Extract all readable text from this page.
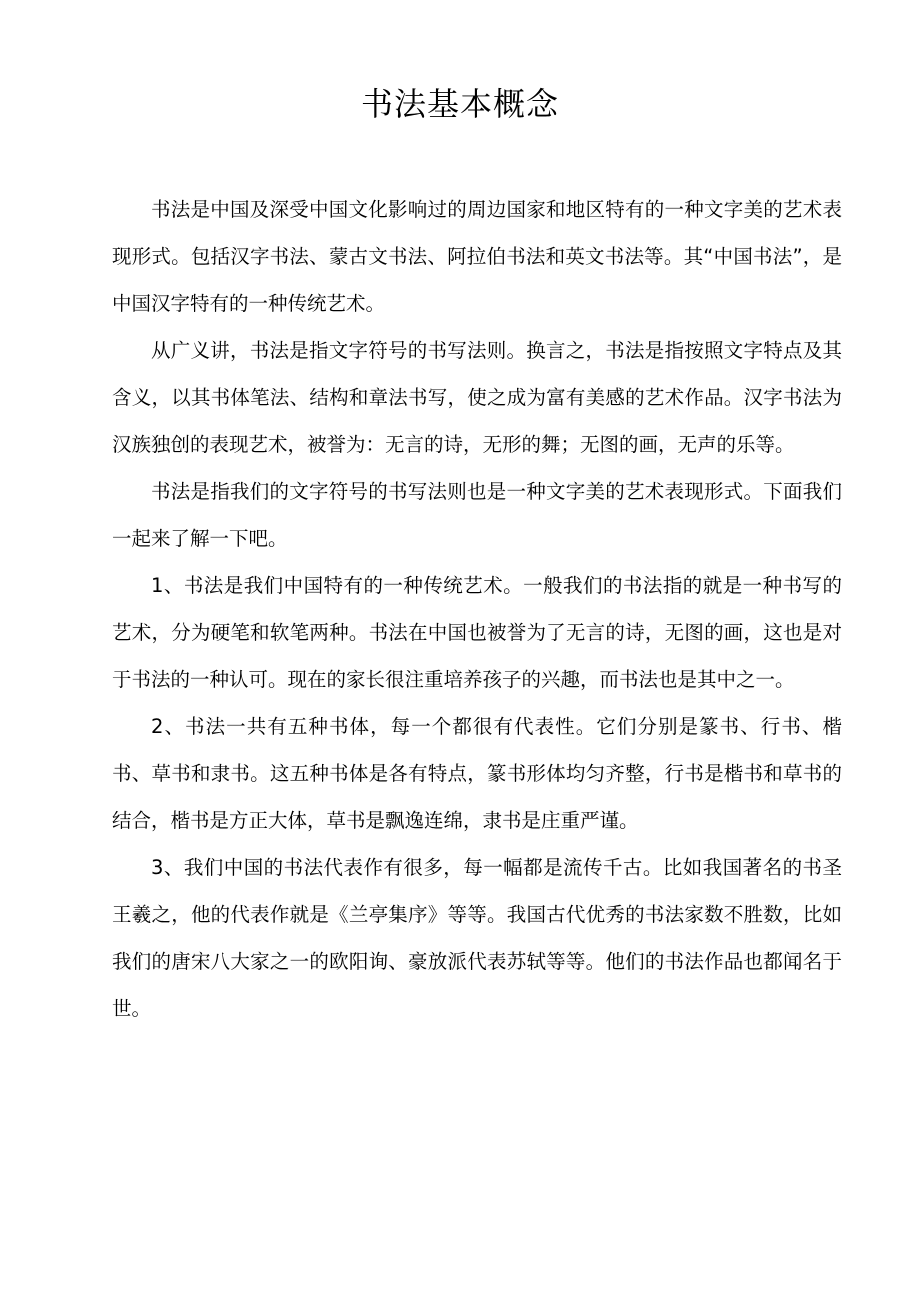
书法基本概念

书法是中国及深受中国文化影响过的周边国家和地区特有的一种文字美的艺术表现形式。包括汉字书法、蒙古文书法、阿拉伯书法和英文书法等。其“中国书法”，是中国汉字特有的一种传统艺术。

从广义讲，书法是指文字符号的书写法则。换言之，书法是指按照文字特点及其含义，以其书体笔法、结构和章法书写，使之成为富有美感的艺术作品。汉字书法为汉族独创的表现艺术，被誉为：无言的诗，无形的舞；无图的画，无声的乐等。

书法是指我们的文字符号的书写法则也是一种文字美的艺术表现形式。下面我们一起来了解一下吧。

1、书法是我们中国特有的一种传统艺术。一般我们的书法指的就是一种书写的艺术，分为硬笔和软笔两种。书法在中国也被誉为了无言的诗，无图的画，这也是对于书法的一种认可。现在的家长很注重培养孩子的兴趣，而书法也是其中之一。

2、书法一共有五种书体，每一个都很有代表性。它们分别是篆书、行书、楷书、草书和隶书。这五种书体是各有特点，篆书形体均匀齐整，行书是楷书和草书的结合，楷书是方正大体，草书是飘逸连绵，隶书是庄重严谨。

3、我们中国的书法代表作有很多，每一幅都是流传千古。比如我国著名的书圣王羲之，他的代表作就是《兰亭集序》等等。我国古代优秀的书法家数不胜数，比如我们的唐宋八大家之一的欧阳询、豪放派代表苏轼等等。他们的书法作品也都闻名于世。
